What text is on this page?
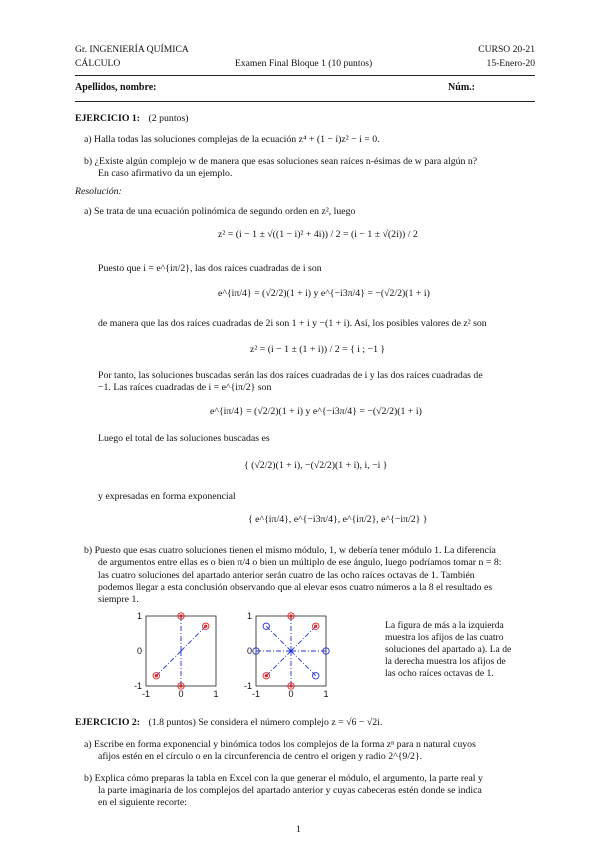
Gr. INGENIERÍA QUÍMICA	CURSO 20-21
CÁLCULO	Examen Final Bloque 1 (10 puntos)	15-Enero-20
Apellidos, nombre:	Núm.:
EJERCICIO 1: (2 puntos)
a) Halla todas las soluciones complejas de la ecuación z⁴ + (1 − i)z² − i = 0.
b) ¿Existe algún complejo w de manera que esas soluciones sean raíces n-ésimas de w para algún n?
En caso afirmativo da un ejemplo.
Resolución:
a) Se trata de una ecuación polinómica de segundo orden en z², luego
z² = (i − 1 ± √((1 − i)² + 4i)) / 2 = (i − 1 ± √(2i)) / 2
Puesto que i = e^{iπ/2}, las dos raíces cuadradas de i son
e^{iπ/4} = (√2/2)(1 + i) y e^{−i3π/4} = −(√2/2)(1 + i)
de manera que las dos raíces cuadradas de 2i son 1 + i y −(1 + i). Así, los posibles valores de z² son
z² = (i − 1 ± (1 + i)) / 2 = { i ; −1 }
Por tanto, las soluciones buscadas serán las dos raíces cuadradas de i y las dos raíces cuadradas de
−1. Las raíces cuadradas de i = e^{iπ/2} son
e^{iπ/4} = (√2/2)(1 + i) y e^{−i3π/4} = −(√2/2)(1 + i)
Luego el total de las soluciones buscadas es
{ (√2/2)(1 + i), −(√2/2)(1 + i), i, −i }
y expresadas en forma exponencial
{ e^{iπ/4}, e^{−i3π/4}, e^{iπ/2}, e^{−iπ/2} }
b) Puesto que esas cuatro soluciones tienen el mismo módulo, 1, w debería tener módulo 1. La diferencia
de argumentos entre ellas es o bien π/4 o bien un múltiplo de ese ángulo, luego podríamos tomar n = 8:
las cuatro soluciones del apartado anterior serán cuatro de las ocho raíces octavas de 1. También
podemos llegar a esta conclusión observando que al elevar esos cuatro números a la 8 el resultado es
siempre 1.
-1	0	1
1
0
-1
-1	0	1
1
0
-1
La figura de más a la izquierda
muestra los afijos de las cuatro
soluciones del apartado a). La de
la derecha muestra los afijos de
las ocho raíces octavas de 1.
EJERCICIO 2: (1.8 puntos) Se considera el número complejo z = √6 − √2i.
a) Escribe en forma exponencial y binómica todos los complejos de la forma zⁿ para n natural cuyos
afijos estén en el círculo o en la circunferencia de centro el origen y radio 2^{9/2}.
b) Explica cómo preparas la tabla en Excel con la que generar el módulo, el argumento, la parte real y
la parte imaginaria de los complejos del apartado anterior y cuyas cabeceras estén donde se indica
en el siguiente recorte:
1
